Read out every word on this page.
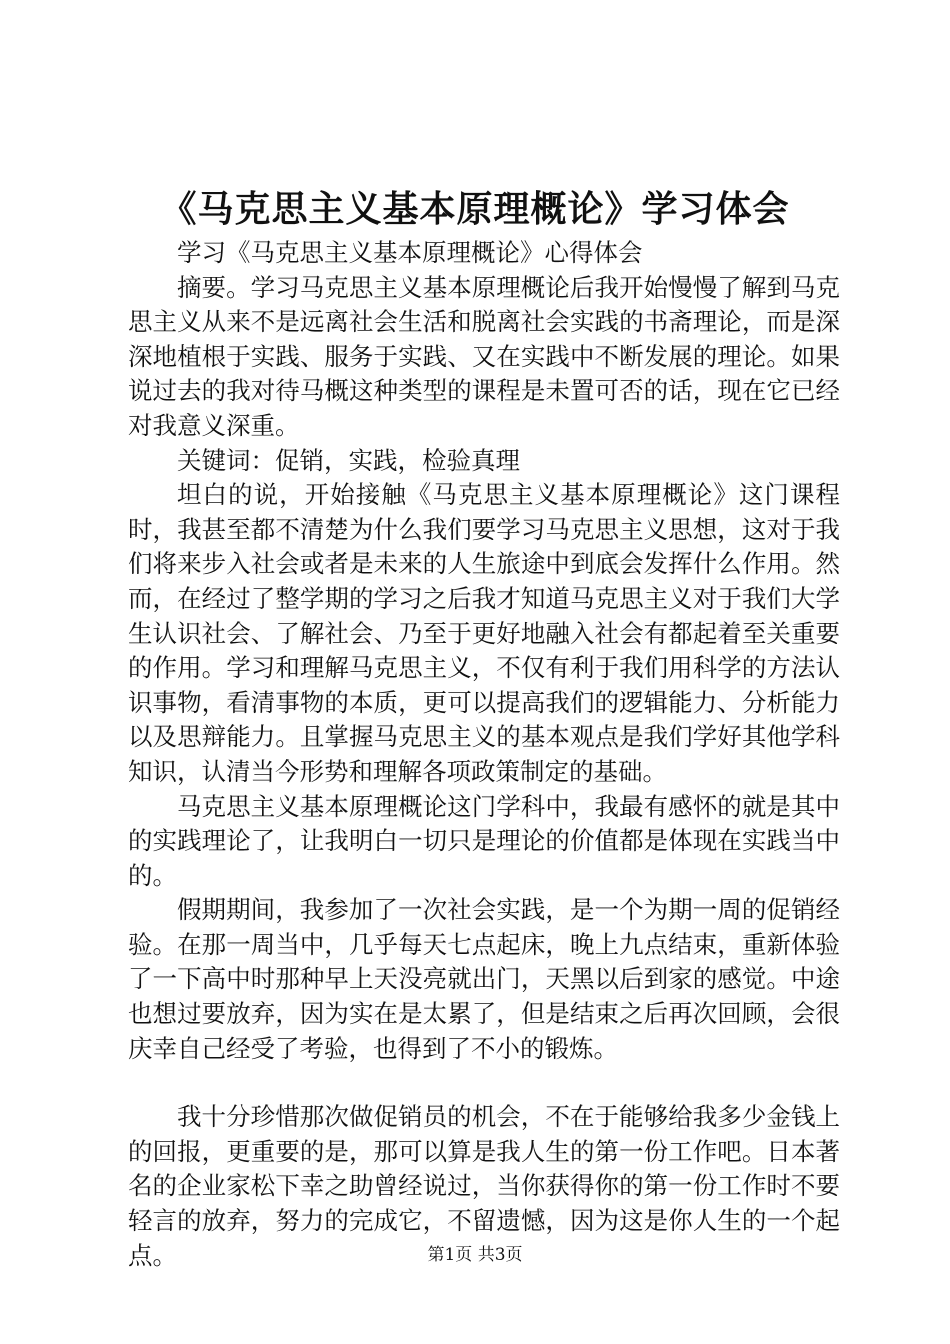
《马克思主义基本原理概论》学习体会

学习《马克思主义基本原理概论》心得体会

摘要。学习马克思主义基本原理概论后我开始慢慢了解到马克思主义从来不是远离社会生活和脱离社会实践的书斋理论，而是深深地植根于实践、服务于实践、又在实践中不断发展的理论。如果说过去的我对待马概这种类型的课程是未置可否的话，现在它已经对我意义深重。

关键词：促销，实践，检验真理

坦白的说，开始接触《马克思主义基本原理概论》这门课程时，我甚至都不清楚为什么我们要学习马克思主义思想，这对于我们将来步入社会或者是未来的人生旅途中到底会发挥什么作用。然而，在经过了整学期的学习之后我才知道马克思主义对于我们大学生认识社会、了解社会、乃至于更好地融入社会有都起着至关重要的作用。学习和理解马克思主义，不仅有利于我们用科学的方法认识事物，看清事物的本质，更可以提高我们的逻辑能力、分析能力以及思辩能力。且掌握马克思主义的基本观点是我们学好其他学科知识，认清当今形势和理解各项政策制定的基础。

马克思主义基本原理概论这门学科中，我最有感怀的就是其中的实践理论了，让我明白一切只是理论的价值都是体现在实践当中的。

假期期间，我参加了一次社会实践，是一个为期一周的促销经验。在那一周当中，几乎每天七点起床，晚上九点结束，重新体验了一下高中时那种早上天没亮就出门，天黑以后到家的感觉。中途也想过要放弃，因为实在是太累了，但是结束之后再次回顾，会很庆幸自己经受了考验，也得到了不小的锻炼。

我十分珍惜那次做促销员的机会，不在于能够给我多少金钱上的回报，更重要的是，那可以算是我人生的第一份工作吧。日本著名的企业家松下幸之助曾经说过，当你获得你的第一份工作时不要轻言的放弃，努力的完成它，不留遗憾，因为这是你人生的一个起点。	第1页 共3页
